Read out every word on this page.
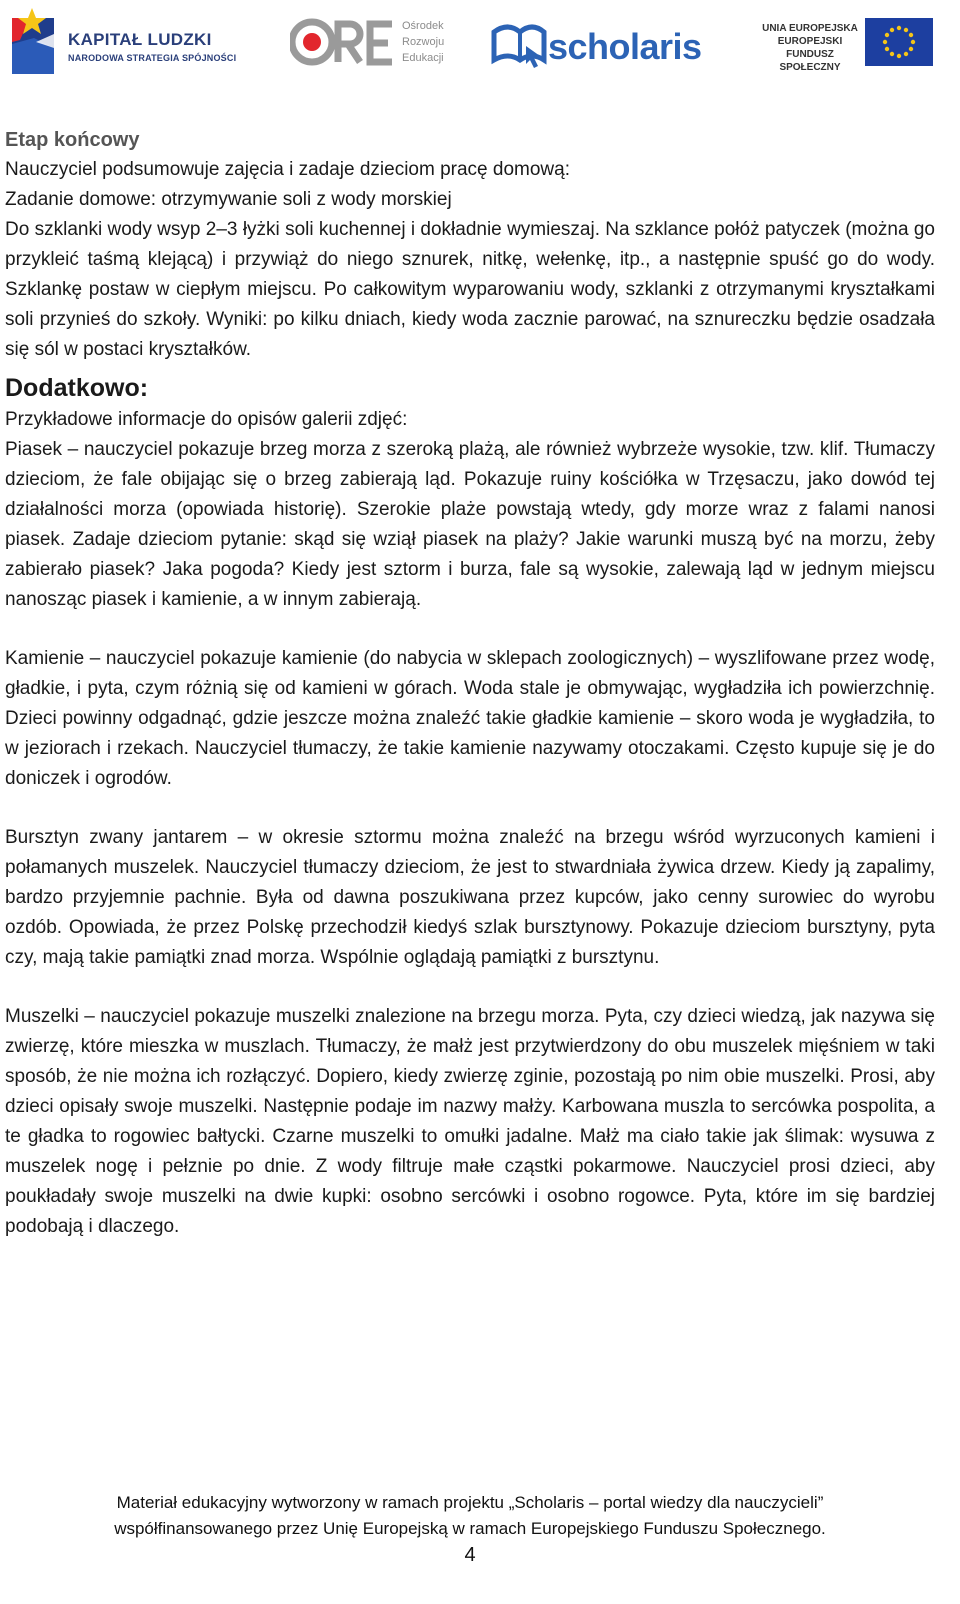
KAPITAŁ LUDZKI
NARODOWA STRATEGIA SPÓJNOŚCI
Ośrodek
Rozwoju
Edukacji	scholaris	UNIA EUROPEJSKA
EUROPEJSKI
FUNDUSZ SPOŁECZNY

Etap końcowy

Nauczyciel podsumowuje zajęcia i zadaje dzieciom pracę domową:

Zadanie domowe: otrzymywanie soli z wody morskiej

Do szklanki wody wsyp 2–3 łyżki soli kuchennej i dokładnie wymieszaj. Na szklance połóż patyczek (można go przykleić taśmą klejącą) i przywiąż do niego sznurek, nitkę, wełenkę, itp., a następnie spuść go do wody. Szklankę postaw w ciepłym miejscu. Po całkowitym wyparowaniu wody, szklanki z otrzymanymi kryształkami soli przynieś do szkoły. Wyniki: po kilku dniach, kiedy woda zacznie parować, na sznureczku będzie osadzała się sól w postaci kryształków.

Dodatkowo:

Przykładowe informacje do opisów galerii zdjęć:

Piasek – nauczyciel pokazuje brzeg morza z szeroką plażą, ale również wybrzeże wysokie, tzw. klif. Tłumaczy dzieciom, że fale obijając się o brzeg zabierają ląd. Pokazuje ruiny kościółka w Trzęsaczu, jako dowód tej działalności morza (opowiada historię). Szerokie plaże powstają wtedy, gdy morze wraz z falami nanosi piasek. Zadaje dzieciom pytanie: skąd się wziął piasek na plaży? Jakie warunki muszą być na morzu, żeby zabierało piasek? Jaka pogoda? Kiedy jest sztorm i burza, fale są wysokie, zalewają ląd w jednym miejscu nanosząc piasek i kamienie, a w innym zabierają.

Kamienie – nauczyciel pokazuje kamienie (do nabycia w sklepach zoologicznych) – wyszlifowane przez wodę, gładkie, i pyta, czym różnią się od kamieni w górach. Woda stale je obmywając, wygładziła ich powierzchnię. Dzieci powinny odgadnąć, gdzie jeszcze można znaleźć takie gładkie kamienie – skoro woda je wygładziła, to w jeziorach i rzekach. Nauczyciel tłumaczy, że takie kamienie nazywamy otoczakami. Często kupuje się je do doniczek i ogrodów.

Bursztyn zwany jantarem – w okresie sztormu można znaleźć na brzegu wśród wyrzuconych kamieni i połamanych muszelek. Nauczyciel tłumaczy dzieciom, że jest to stwardniała żywica drzew. Kiedy ją zapalimy, bardzo przyjemnie pachnie. Była od dawna poszukiwana przez kupców, jako cenny surowiec do wyrobu ozdób. Opowiada, że przez Polskę przechodził kiedyś szlak bursztynowy. Pokazuje dzieciom bursztyny, pyta czy, mają takie pamiątki znad morza. Wspólnie oglądają pamiątki z bursztynu.

Muszelki – nauczyciel pokazuje muszelki znalezione na brzegu morza. Pyta, czy dzieci wiedzą, jak nazywa się zwierzę, które mieszka w muszlach. Tłumaczy, że małż jest przytwierdzony do obu muszelek mięśniem w taki sposób, że nie można ich rozłączyć. Dopiero, kiedy zwierzę zginie, pozostają po nim obie muszelki. Prosi, aby dzieci opisały swoje muszelki. Następnie podaje im nazwy małży. Karbowana muszla to sercówka pospolita, a te gładka to rogowiec bałtycki. Czarne muszelki to omułki jadalne. Małż ma ciało takie jak ślimak: wysuwa z muszelek nogę i pełznie po dnie. Z wody filtruje małe cząstki pokarmowe. Nauczyciel prosi dzieci, aby poukładały swoje muszelki na dwie kupki: osobno sercówki i osobno rogowce. Pyta, które im się bardziej podobają i dlaczego.

Materiał edukacyjny wytworzony w ramach projektu „Scholaris – portal wiedzy dla nauczycieli”
współfinansowanego przez Unię Europejską w ramach Europejskiego Funduszu Społecznego.
4
